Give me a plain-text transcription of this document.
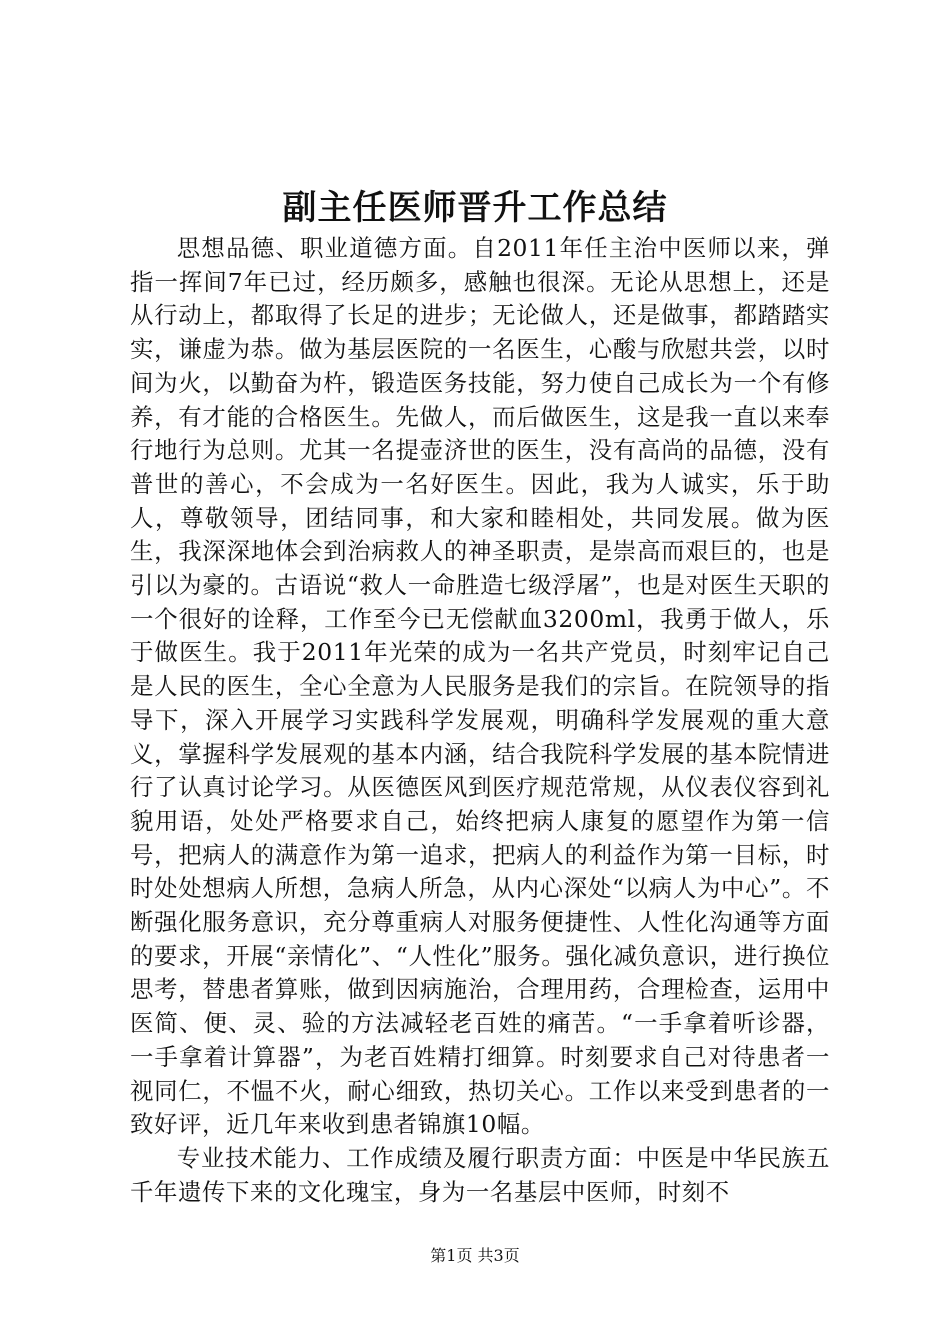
副主任医师晋升工作总结

思想品德、职业道德方面。自2011年任主治中医师以来，弹指一挥间7年已过，经历颇多，感触也很深。无论从思想上，还是从行动上，都取得了长足的进步；无论做人，还是做事，都踏踏实实，谦虚为恭。做为基层医院的一名医生，心酸与欣慰共尝，以时间为火，以勤奋为杵，锻造医务技能，努力使自己成长为一个有修养，有才能的合格医生。先做人，而后做医生，这是我一直以来奉行地行为总则。尤其一名提壶济世的医生，没有高尚的品德，没有普世的善心，不会成为一名好医生。因此，我为人诚实，乐于助人，尊敬领导，团结同事，和大家和睦相处，共同发展。做为医生，我深深地体会到治病救人的神圣职责，是崇高而艰巨的，也是引以为豪的。古语说“救人一命胜造七级浮屠”，也是对医生天职的一个很好的诠释，工作至今已无偿献血3200ml，我勇于做人，乐于做医生。我于2011年光荣的成为一名共产党员，时刻牢记自己是人民的医生，全心全意为人民服务是我们的宗旨。在院领导的指导下，深入开展学习实践科学发展观，明确科学发展观的重大意义，掌握科学发展观的基本内涵，结合我院科学发展的基本院情进行了认真讨论学习。从医德医风到医疗规范常规，从仪表仪容到礼貌用语，处处严格要求自己，始终把病人康复的愿望作为第一信号，把病人的满意作为第一追求，把病人的利益作为第一目标，时时处处想病人所想，急病人所急，从内心深处“以病人为中心”。不断强化服务意识，充分尊重病人对服务便捷性、人性化沟通等方面的要求，开展“亲情化”、“人性化”服务。强化减负意识，进行换位思考，替患者算账，做到因病施治，合理用药，合理检查，运用中医简、便、灵、验的方法减轻老百姓的痛苦。“一手拿着听诊器，一手拿着计算器”，为老百姓精打细算。时刻要求自己对待患者一视同仁，不愠不火，耐心细致，热切关心。工作以来受到患者的一致好评，近几年来收到患者锦旗10幅。

专业技术能力、工作成绩及履行职责方面：中医是中华民族五千年遗传下来的文化瑰宝，身为一名基层中医师，时刻不

第1页 共3页
